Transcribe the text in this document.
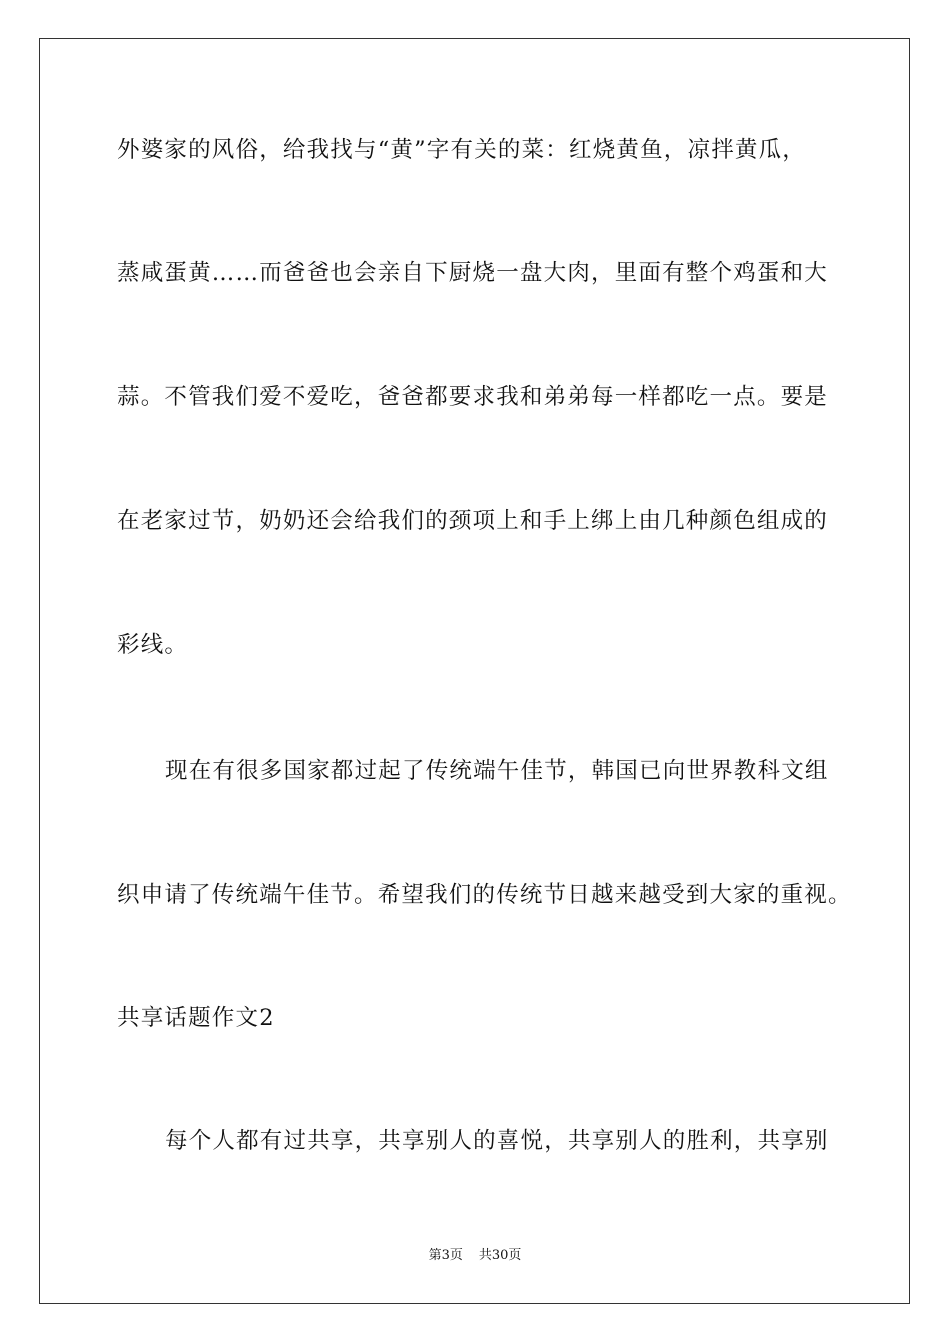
外婆家的风俗，给我找与“黄”字有关的菜：红烧黄鱼，凉拌黄瓜，
蒸咸蛋黄……而爸爸也会亲自下厨烧一盘大肉，里面有整个鸡蛋和大
蒜。不管我们爱不爱吃，爸爸都要求我和弟弟每一样都吃一点。要是
在老家过节，奶奶还会给我们的颈项上和手上绑上由几种颜色组成的
彩线。
现在有很多国家都过起了传统端午佳节，韩国已向世界教科文组
织申请了传统端午佳节。希望我们的传统节日越来越受到大家的重视。
共享话题作文2
每个人都有过共享，共享别人的喜悦，共享别人的胜利，共享别
第3页 共30页
